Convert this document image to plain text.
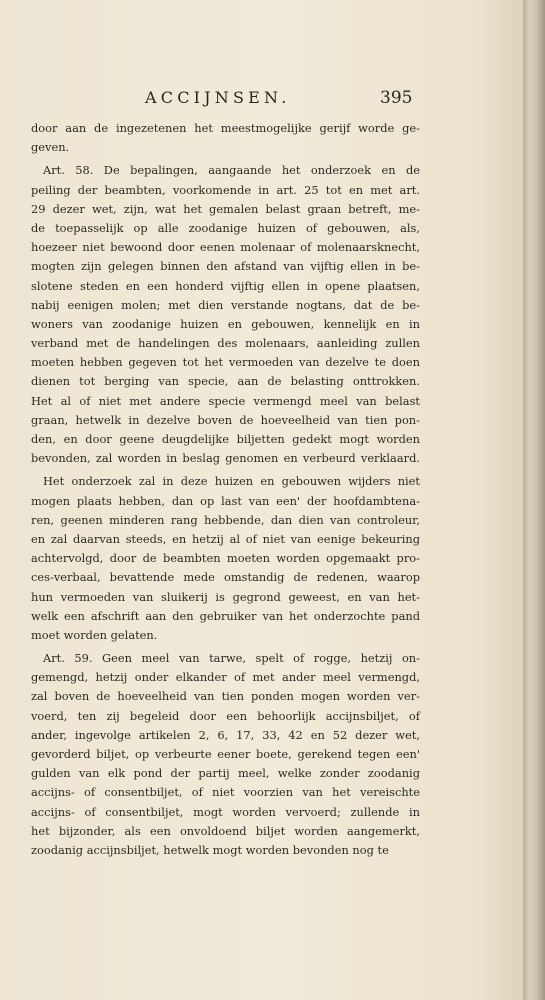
ACCIJNSEN.	395
door aan de ingezetenen het meestmogelijke gerijf worde ge-
geven.
Art. 58. De bepalingen, aangaande het onderzoek en de
peiling der beambten, voorkomende in art. 25 tot en met art.
29 dezer wet, zijn, wat het gemalen belast graan betreft, me-
de toepasselijk op alle zoodanige huizen of gebouwen, als,
hoezeer niet bewoond door eenen molenaar of molenaarsknecht,
mogten zijn gelegen binnen den afstand van vijftig ellen in be-
slotene steden en een honderd vijftig ellen in opene plaatsen,
nabij eenigen molen; met dien verstande nogtans, dat de be-
woners van zoodanige huizen en gebouwen, kennelijk en in
verband met de handelingen des molenaars, aanleiding zullen
moeten hebben gegeven tot het vermoeden van dezelve te doen
dienen tot berging van specie, aan de belasting onttrokken.
Het al of niet met andere specie vermengd meel van belast
graan, hetwelk in dezelve boven de hoeveelheid van tien pon-
den, en door geene deugdelijke biljetten gedekt mogt worden
bevonden, zal worden in beslag genomen en verbeurd verklaard.
Het onderzoek zal in deze huizen en gebouwen wijders niet
mogen plaats hebben, dan op last van een' der hoofdambtena-
ren, geenen minderen rang hebbende, dan dien van controleur,
en zal daarvan steeds, en hetzij al of niet van eenige bekeuring
achtervolgd, door de beambten moeten worden opgemaakt pro-
ces-verbaal, bevattende mede omstandig de redenen, waarop
hun vermoeden van sluikerij is gegrond geweest, en van het-
welk een afschrift aan den gebruiker van het onderzochte pand
moet worden gelaten.
Art. 59. Geen meel van tarwe, spelt of rogge, hetzij on-
gemengd, hetzij onder elkander of met ander meel vermengd,
zal boven de hoeveelheid van tien ponden mogen worden ver-
voerd, ten zij begeleid door een behoorlijk accijnsbiljet, of
ander, ingevolge artikelen 2, 6, 17, 33, 42 en 52 dezer wet,
gevorderd biljet, op verbeurte eener boete, gerekend tegen een'
gulden van elk pond der partij meel, welke zonder zoodanig
accijns- of consentbiljet, of niet voorzien van het vereischte
accijns- of consentbiljet, mogt worden vervoerd; zullende in
het bijzonder, als een onvoldoend biljet worden aangemerkt,
zoodanig accijnsbiljet, hetwelk mogt worden bevonden nog te
